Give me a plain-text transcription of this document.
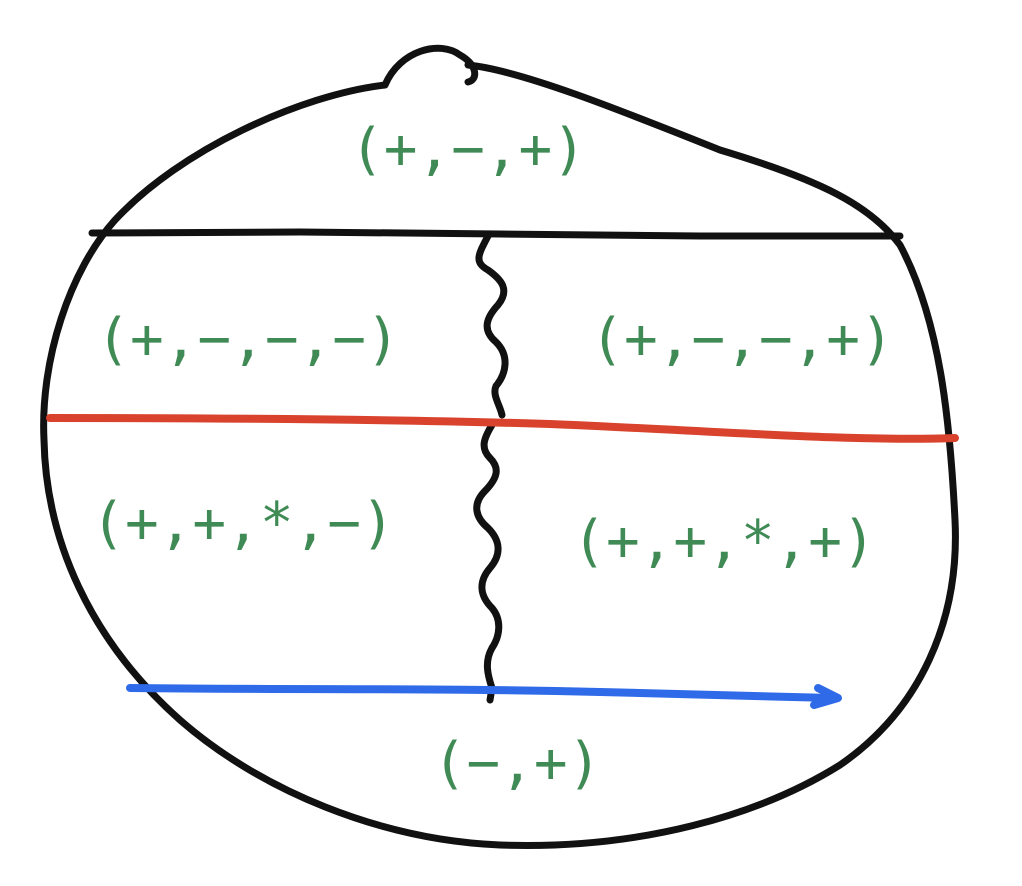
(+,−,+)
(+,−,−,−)	(+,−,−,+)
(+,+,*,−)	(+,+,*,+)
(−,+)
